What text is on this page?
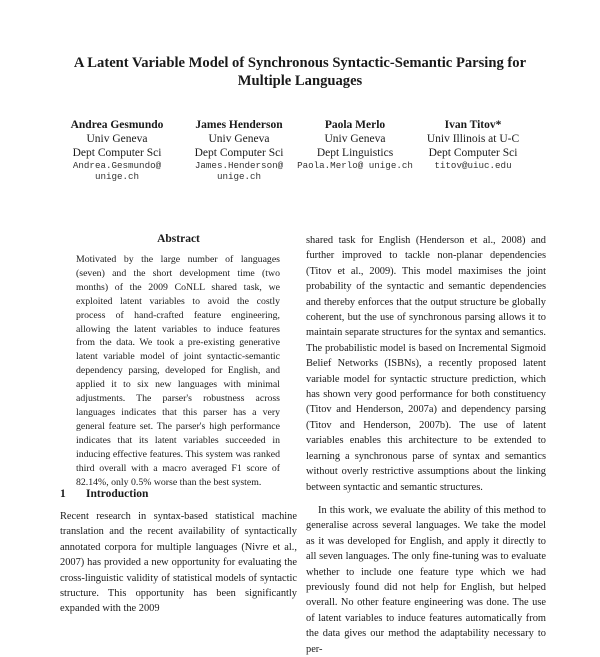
A Latent Variable Model of Synchronous Syntactic-Semantic Parsing for Multiple Languages
Andrea Gesmundo
Univ Geneva
Dept Computer Sci
Andrea.Gesmundo@ unige.ch
James Henderson
Univ Geneva
Dept Computer Sci
James.Henderson@ unige.ch
Paola Merlo
Univ Geneva
Dept Linguistics
Paola.Merlo@ unige.ch
Ivan Titov*
Univ Illinois at U-C
Dept Computer Sci
titov@uiuc.edu
Abstract
Motivated by the large number of languages (seven) and the short development time (two months) of the 2009 CoNLL shared task, we exploited latent variables to avoid the costly process of hand-crafted feature engineering, allowing the latent variables to induce features from the data. We took a pre-existing generative latent variable model of joint syntactic-semantic dependency parsing, developed for English, and applied it to six new languages with minimal adjustments. The parser's robustness across languages indicates that this parser has a very general feature set. The parser's high performance indicates that its latent variables succeeded in inducing effective features. This system was ranked third overall with a macro averaged F1 score of 82.14%, only 0.5% worse than the best system.
1 Introduction
Recent research in syntax-based statistical machine translation and the recent availability of syntactically annotated corpora for multiple languages (Nivre et al., 2007) has provided a new opportunity for evaluating the cross-linguistic validity of statistical models of syntactic structure. This opportunity has been significantly expanded with the 2009

shared task for English (Henderson et al., 2008) and further improved to tackle non-planar dependencies (Titov et al., 2009). This model maximises the joint probability of the syntactic and semantic dependencies and thereby enforces that the output structure be globally coherent, but the use of synchronous parsing allows it to maintain separate structures for the syntax and semantics. The probabilistic model is based on Incremental Sigmoid Belief Networks (ISBNs), a recently proposed latent variable model for syntactic structure prediction, which has shown very good performance for both constituency (Titov and Henderson, 2007a) and dependency parsing (Titov and Henderson, 2007b). The use of latent variables enables this architecture to be extended to learning a synchronous parse of syntax and semantics without overly restrictive assumptions about the linking between syntactic and semantic structures.

In this work, we evaluate the ability of this method to generalise across several languages. We take the model as it was developed for English, and apply it directly to all seven languages. The only fine-tuning was to evaluate whether to include one feature type which we had previously found did not help for English, but helped overall. No other feature engineering was done. The use of latent variables to induce features automatically from the data gives our method the adaptability necessary to per-
